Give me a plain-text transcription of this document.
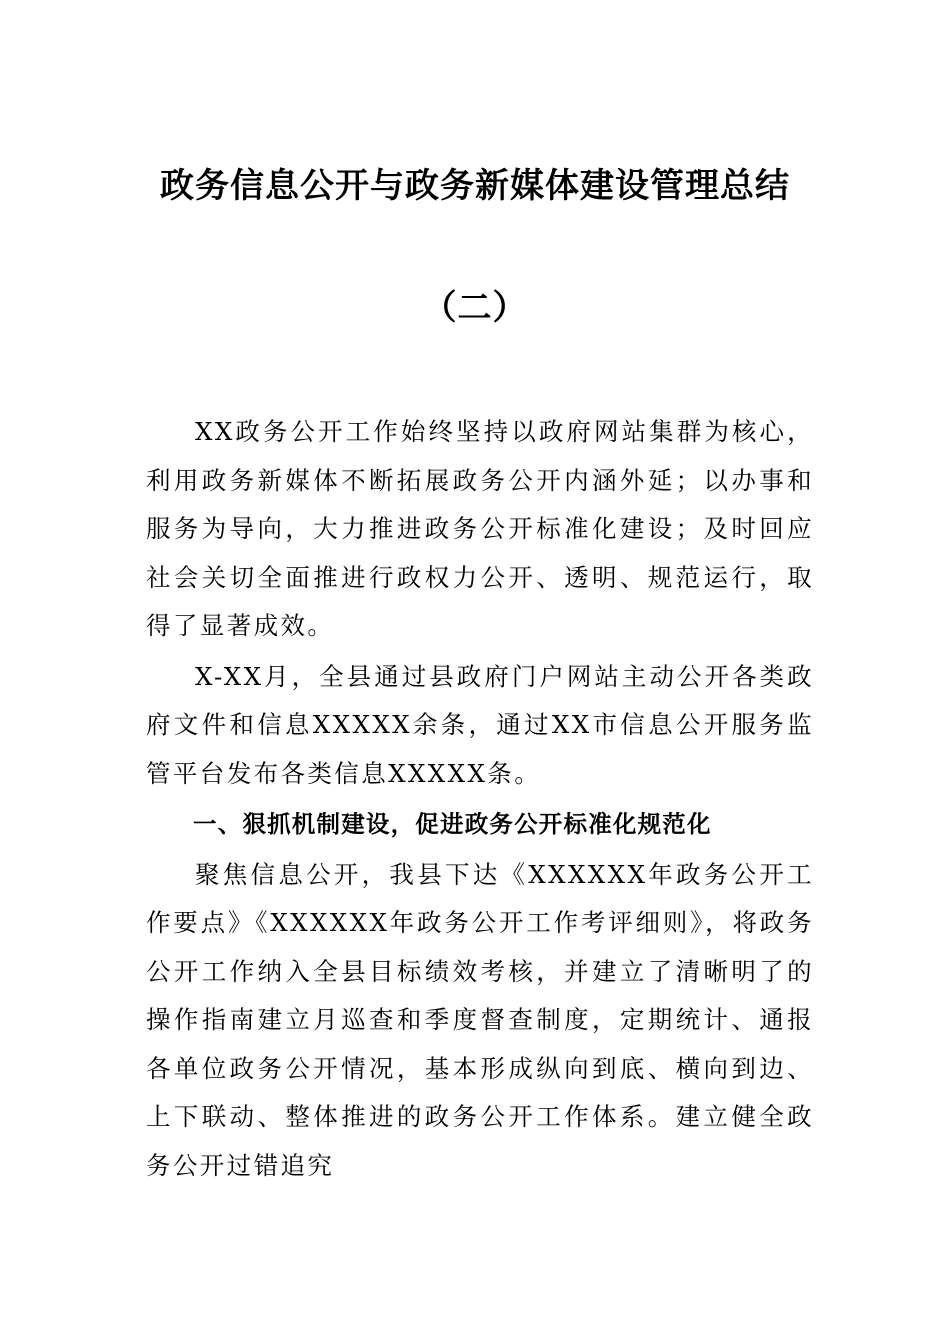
政务信息公开与政务新媒体建设管理总结
（二）

XX政务公开工作始终坚持以政府网站集群为核心，利用政务新媒体不断拓展政务公开内涵外延；以办事和服务为导向，大力推进政务公开标准化建设；及时回应社会关切全面推进行政权力公开、透明、规范运行，取得了显著成效。

X-XX月，全县通过县政府门户网站主动公开各类政府文件和信息XXXXX余条，通过XX市信息公开服务监管平台发布各类信息XXXXX条。

一、狠抓机制建设，促进政务公开标准化规范化

聚焦信息公开，我县下达《XXXXXX年政务公开工作要点》《XXXXXX年政务公开工作考评细则》，将政务公开工作纳入全县目标绩效考核，并建立了清晰明了的操作指南建立月巡查和季度督查制度，定期统计、通报各单位政务公开情况，基本形成纵向到底、横向到边、上下联动、整体推进的政务公开工作体系。建立健全政务公开过错追究
